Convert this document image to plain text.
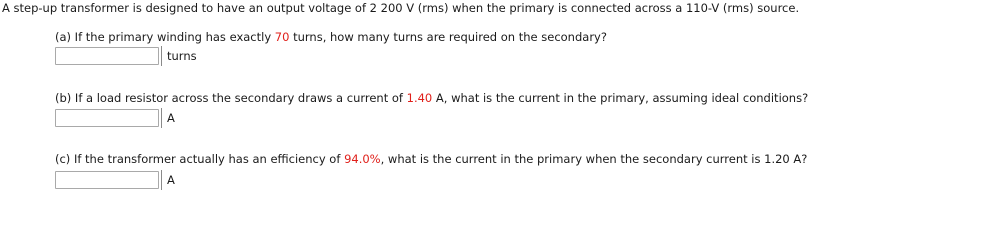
A step-up transformer is designed to have an output voltage of 2 200 V (rms) when the primary is connected across a 110-V (rms) source.
(a) If the primary winding has exactly 70 turns, how many turns are required on the secondary?
turns
(b) If a load resistor across the secondary draws a current of 1.40 A, what is the current in the primary, assuming ideal conditions?
A
(c) If the transformer actually has an efficiency of 94.0%, what is the current in the primary when the secondary current is 1.20 A?
A
